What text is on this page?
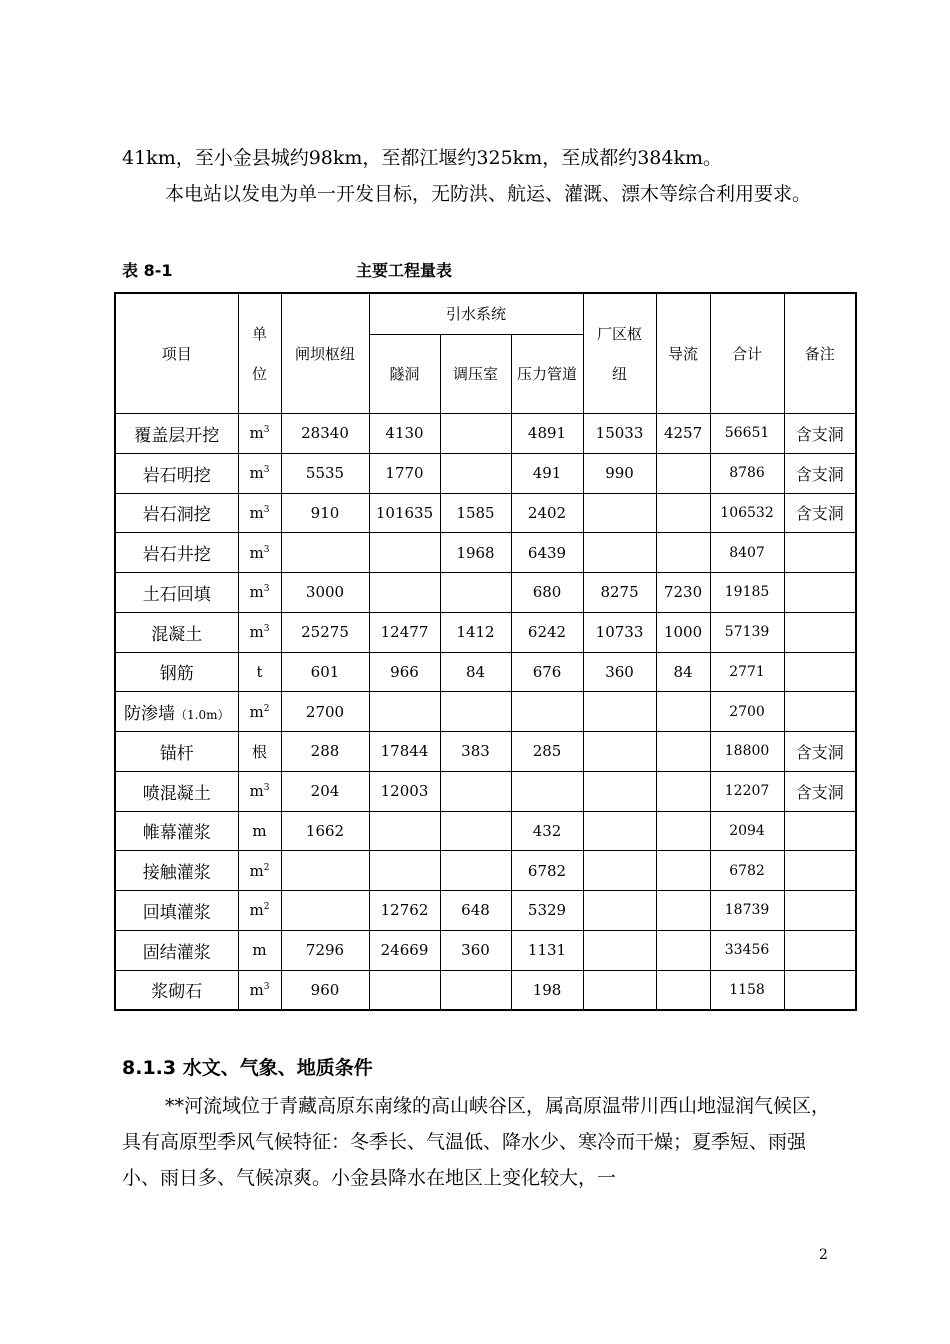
41km，至小金县城约98km，至都江堰约325km，至成都约384km。

本电站以发电为单一开发目标，无防洪、航运、灌溉、漂木等综合利用要求。

表 8-1	主要工程量表
项目	单位	闸坝枢纽	引水系统			厂区枢纽	导流	合计	备注
			隧洞	调压室	压力管道				
覆盖层开挖	$m^3$	28340	4130		4891	15033	4257	56651	含支洞
岩石明挖	$m^3$	5535	1770		491	990		8786	含支洞
岩石洞挖	$m^3$	910	101635	1585	2402			106532	含支洞
岩石井挖	$m^3$			1968	6439			8407	
土石回填	$m^3$	3000			680	8275	7230	19185	
混凝土	$m^3$	25275	12477	1412	6242	10733	1000	57139	
钢筋	t	601	966	84	676	360	84	2771	
防渗墙（1.0m）	$m^2$	2700						2700	
锚杆	根	288	17844	383	285			18800	含支洞
喷混凝土	$m^3$	204	12003					12207	含支洞
帷幕灌浆	m	1662			432			2094	
接触灌浆	$m^2$				6782			6782	
回填灌浆	$m^2$		12762	648	5329			18739	
固结灌浆	m	7296	24669	360	1131			33456	
浆砌石	$m^3$	960			198			1158	
8.1.3 水文、气象、地质条件

**河流域位于青藏高原东南缘的高山峡谷区，属高原温带川西山地湿润气候区，具有高原型季风气候特征：冬季长、气温低、降水少、寒冷而干燥；夏季短、雨强小、雨日多、气候凉爽。小金县降水在地区上变化较大，一

2
